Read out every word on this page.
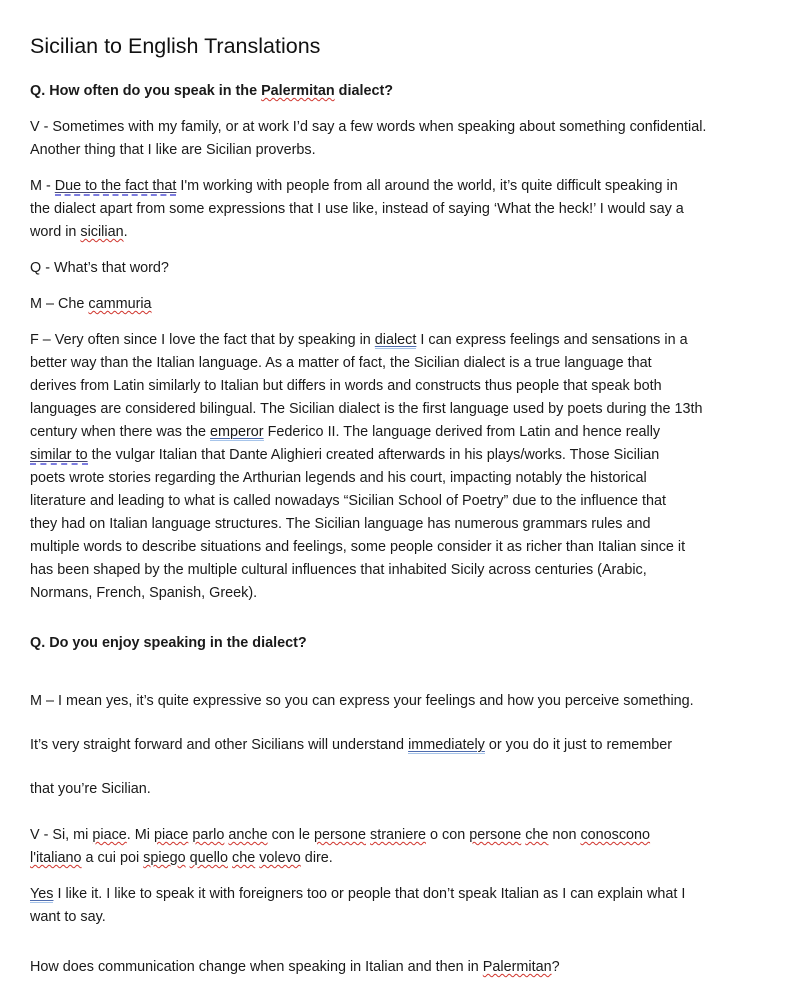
Sicilian to English Translations
Q. How often do you speak in the Palermitan dialect?
V - Sometimes with my family, or at work I’d say a few words when speaking about something confidential.
Another thing that I like are Sicilian proverbs.
M - Due to the fact that I'm working with people from all around the world, it’s quite difficult speaking in
the dialect apart from some expressions that I use like, instead of saying ‘What the heck!’ I would say a
word in sicilian.
Q - What’s that word?
M – Che cammuria
F – Very often since I love the fact that by speaking in dialect I can express feelings and sensations in a
better way than the Italian language. As a matter of fact, the Sicilian dialect is a true language that
derives from Latin similarly to Italian but differs in words and constructs thus people that speak both
languages are considered bilingual. The Sicilian dialect is the first language used by poets during the 13th
century when there was the emperor Federico II. The language derived from Latin and hence really
similar to the vulgar Italian that Dante Alighieri created afterwards in his plays/works. Those Sicilian
poets wrote stories regarding the Arthurian legends and his court, impacting notably the historical
literature and leading to what is called nowadays “Sicilian School of Poetry” due to the influence that
they had on Italian language structures. The Sicilian language has numerous grammars rules and
multiple words to describe situations and feelings, some people consider it as richer than Italian since it
has been shaped by the multiple cultural influences that inhabited Sicily across centuries (Arabic,
Normans, French, Spanish, Greek).
Q. Do you enjoy speaking in the dialect?
M – I mean yes, it’s quite expressive so you can express your feelings and how you perceive something.
It’s very straight forward and other Sicilians will understand immediately or you do it just to remember
that you’re Sicilian.
V - Si, mi piace. Mi piace parlo anche con le persone straniere o con persone che non conoscono
l'italiano a cui poi spiego quello che volevo dire.
Yes I like it. I like to speak it with foreigners too or people that don’t speak Italian as I can explain what I
want to say.
How does communication change when speaking in Italian and then in Palermitan?
